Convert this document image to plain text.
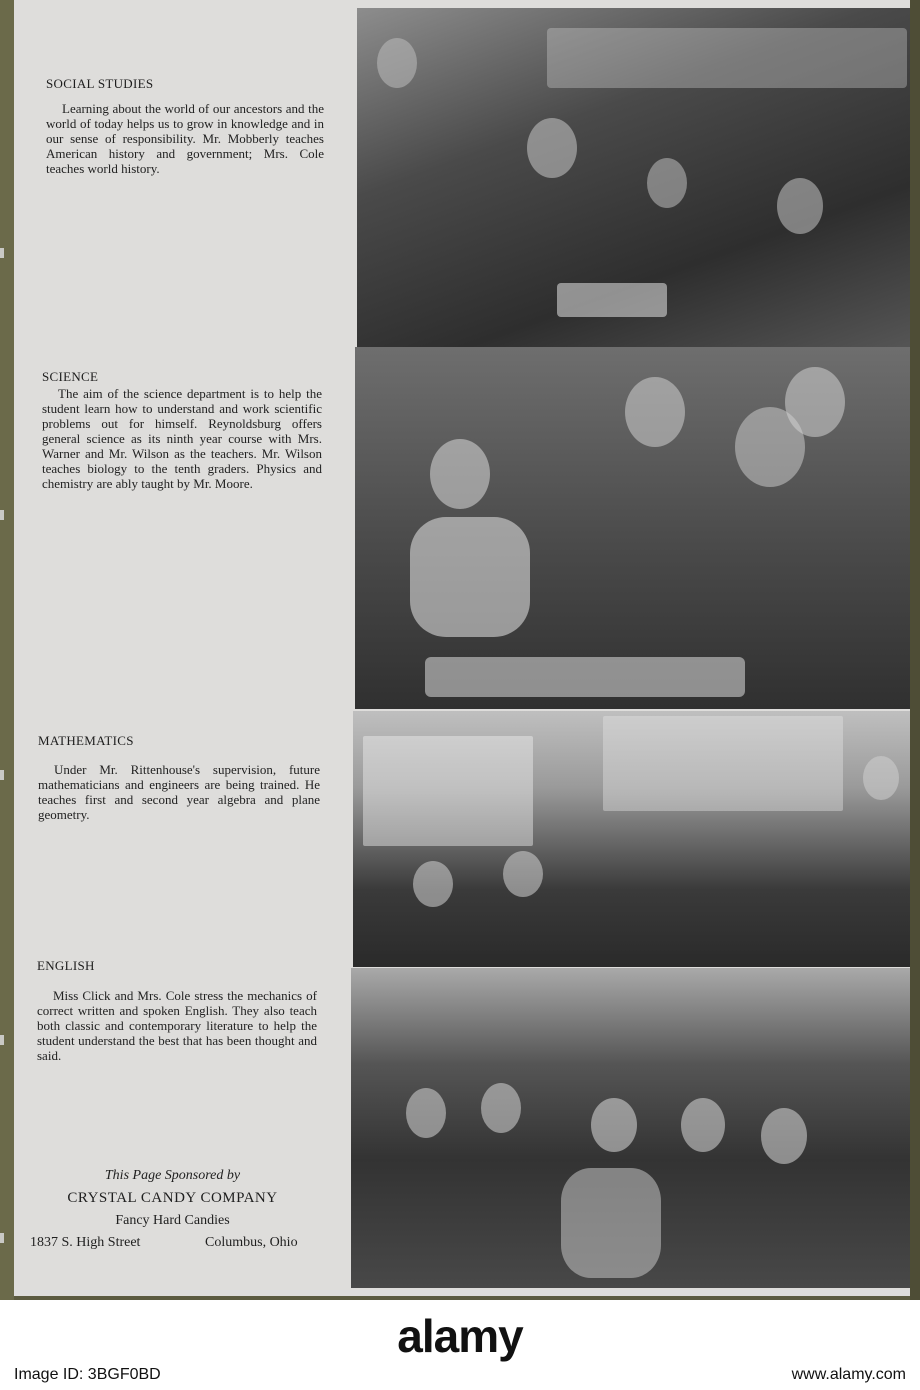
SOCIAL STUDIES
Learning about the world of our ancestors and the world of today helps us to grow in knowledge and in our sense of responsibility. Mr. Mobberly teaches American history and government; Mrs. Cole teaches world history.
SCIENCE
The aim of the science department is to help the student learn how to understand and work scientific problems out for himself. Reynoldsburg offers general science as its ninth year course with Mrs. Warner and Mr. Wilson as the teachers. Mr. Wilson teaches biology to the tenth graders. Physics and chemistry are ably taught by Mr. Moore.
MATHEMATICS
Under Mr. Rittenhouse's supervision, future mathematicians and engineers are being trained. He teaches first and second year algebra and plane geometry.
ENGLISH
Miss Click and Mrs. Cole stress the mechanics of correct written and spoken English. They also teach both classic and contemporary literature to help the student understand the best that has been thought and said.
This Page Sponsored by
CRYSTAL CANDY COMPANY
Fancy Hard Candies
1837 S. High Street	Columbus, Ohio
alamy
Image ID: 3BGF0BD	www.alamy.com
